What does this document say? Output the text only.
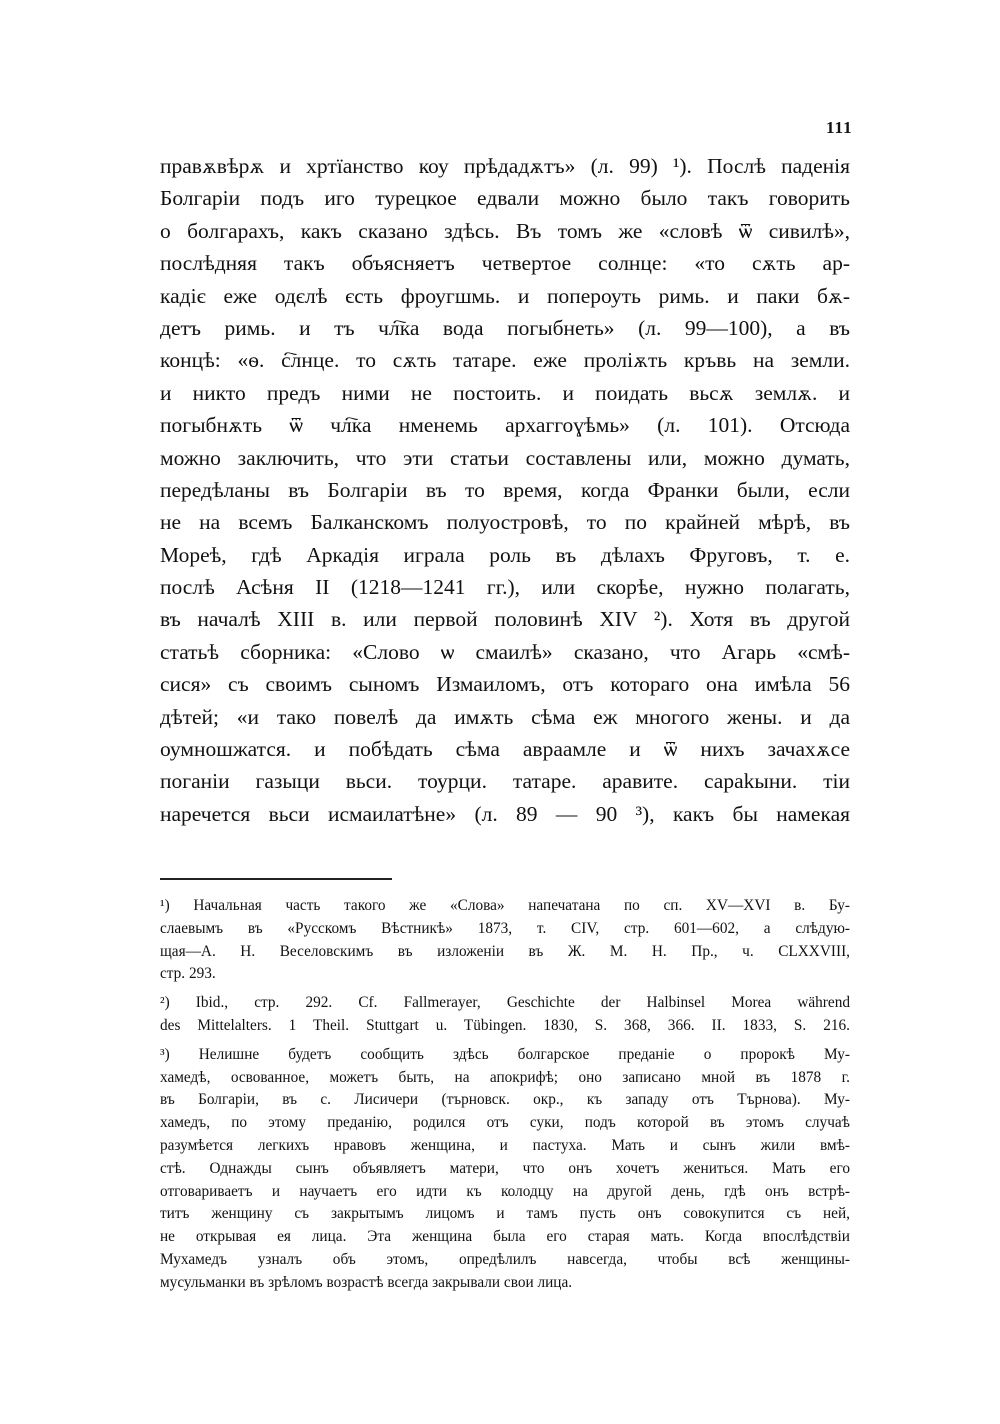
111
правѫвѣрѫ и хртїанство коу прѣдадѫтъ» (л. 99) ¹). Послѣ паденія
Болгаріи подъ иго турецкое едвали можно было такъ говорить
о болгарахъ, какъ сказано здѣсь. Въ томъ же «словѣ ѿ сивилѣ»,
послѣдняя такъ объясняетъ четвертое солнце: «то сѫть ар-
кадіє еже одєлѣ єсть фроугшмь. и попероуть римь. и паки бѫ-
детъ римь. и тъ чл҇ка вода погыбнеть» (л. 99—100), а въ
концѣ: «ѳ. с҇лнце. то сѫть татаре. еже проліѫть кръвь на земли.
и никто предъ ними не постоить. и поидать вьсѫ землѫ. и
погыбнѫть ѿ чл҇ка нменемь архаггоɣѣмь» (л. 101). Отсюда
можно заключить, что эти статьи составлены или, можно думать,
передѣланы въ Болгаріи въ то время, когда Франки были, если
не на всемъ Балканскомъ полуостровѣ, то по крайней мѣрѣ, въ
Мореѣ, гдѣ Аркадія играла роль въ дѣлахъ Фруговъ, т. е.
послѣ Асѣня II (1218—1241 гг.), или скорѣе, нужно полагать,
въ началѣ XIII в. или первой половинѣ XIV ²). Хотя въ другой
статьѣ сборника: «Слово ѡ смаилѣ» сказано, что Агарь «смѣ-
сися» съ своимъ сыномъ Измаиломъ, отъ котораго она имѣла 56
дѣтей; «и тако повелѣ да имѫть сѣма еж многого жены. и да
оумношжатся. и побѣдать сѣма авраамле и ѿ нихъ зачахѫсе
поганіи газыци вьси. тоурци. татаре. аравите. сараkыни. тіи
наречется вьси исмаилатѣне» (л. 89 — 90 ³), какъ бы намекая
¹) Начальная часть такого же «Слова» напечатана по сп. XV—XVI в. Бу-
слаевымъ въ «Русскомъ Вѣстникѣ» 1873, т. CIV, стр. 601—602, а слѣдую-
щая—А. Н. Веселовскимъ въ изложеніи въ Ж. М. Н. Пр., ч. CLXXVIII,
стр. 293.
²) Ibid., стр. 292. Cf. Fallmerayer, Geschichte der Halbinsel Morea während
des Mittelalters. 1 Theil. Stuttgart u. Tübingen. 1830, S. 368, 366. II. 1833, S. 216.
³) Нелишне будетъ сообщить здѣсь болгарское преданіе о пророкѣ Му-
хамедѣ, освованное, можетъ быть, на апокрифѣ; оно записано мной въ 1878 г.
въ Болгаріи, въ с. Лисичери (търновск. окр., къ западу отъ Търнова). Му-
хамедъ, по этому преданію, родился отъ суки, подъ которой въ этомъ случаѣ
разумѣется легкихъ нравовъ женщина, и пастуха. Мать и сынъ жили вмѣ-
стѣ. Однажды сынъ объявляетъ матери, что онъ хочетъ жениться. Мать его
отговариваетъ и научаетъ его идти къ колодцу на другой день, гдѣ онъ встрѣ-
титъ женщину съ закрытымъ лицомъ и тамъ пусть онъ совокупится съ ней,
не открывая ея лица. Эта женщина была его старая мать. Когда впослѣдствіи
Мухамедъ узналъ объ этомъ, опредѣлилъ навсегда, чтобы всѣ женщины-
мусульманки въ зрѣломъ возрастѣ всегда закрывали свои лица.
